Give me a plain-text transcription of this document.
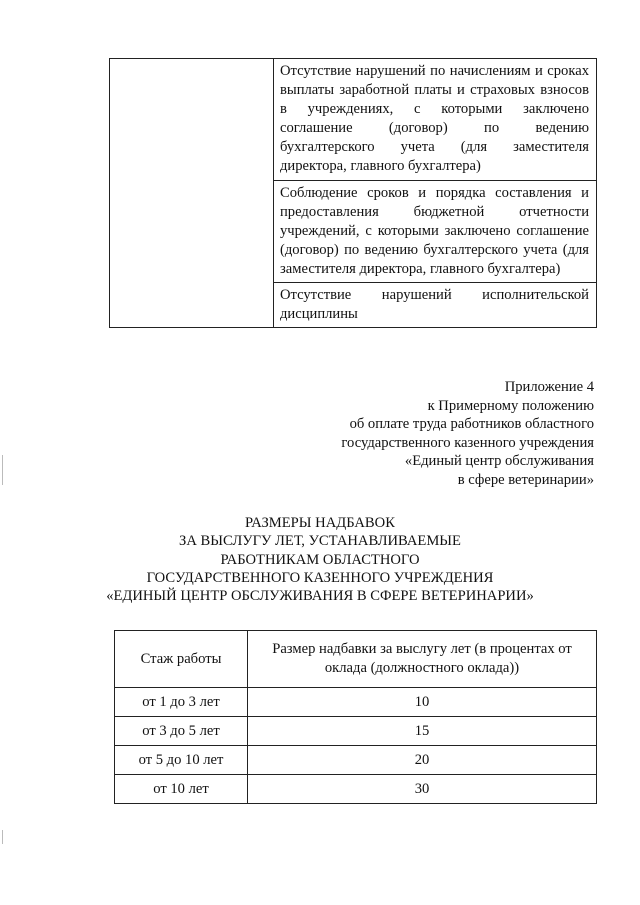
	Отсутствие нарушений по начислениям и сроках выплаты заработной платы и страховых взносов в учреждениях, с которыми заключено соглашение (договор) по ведению бухгалтерского учета (для заместителя директора, главного бухгалтера)
Соблюдение сроков и порядка составления и предоставления бюджетной отчетности учреждений, с которыми заключено соглашение (договор) по ведению бухгалтерского учета (для заместителя директора, главного бухгалтера)
Отсутствие нарушений исполнительской дисциплины
Приложение 4
к Примерному положению
об оплате труда работников областного
государственного казенного учреждения
«Единый центр обслуживания
в сфере ветеринарии»
РАЗМЕРЫ НАДБАВОК
ЗА ВЫСЛУГУ ЛЕТ, УСТАНАВЛИВАЕМЫЕ
РАБОТНИКАМ ОБЛАСТНОГО
ГОСУДАРСТВЕННОГО КАЗЕННОГО УЧРЕЖДЕНИЯ
«ЕДИНЫЙ ЦЕНТР ОБСЛУЖИВАНИЯ В СФЕРЕ ВЕТЕРИНАРИИ»
Стаж работы	Размер надбавки за выслугу лет (в процентах от оклада (должностного оклада))
от 1 до 3 лет	10
от 3 до 5 лет	15
от 5 до 10 лет	20
от 10 лет	30
